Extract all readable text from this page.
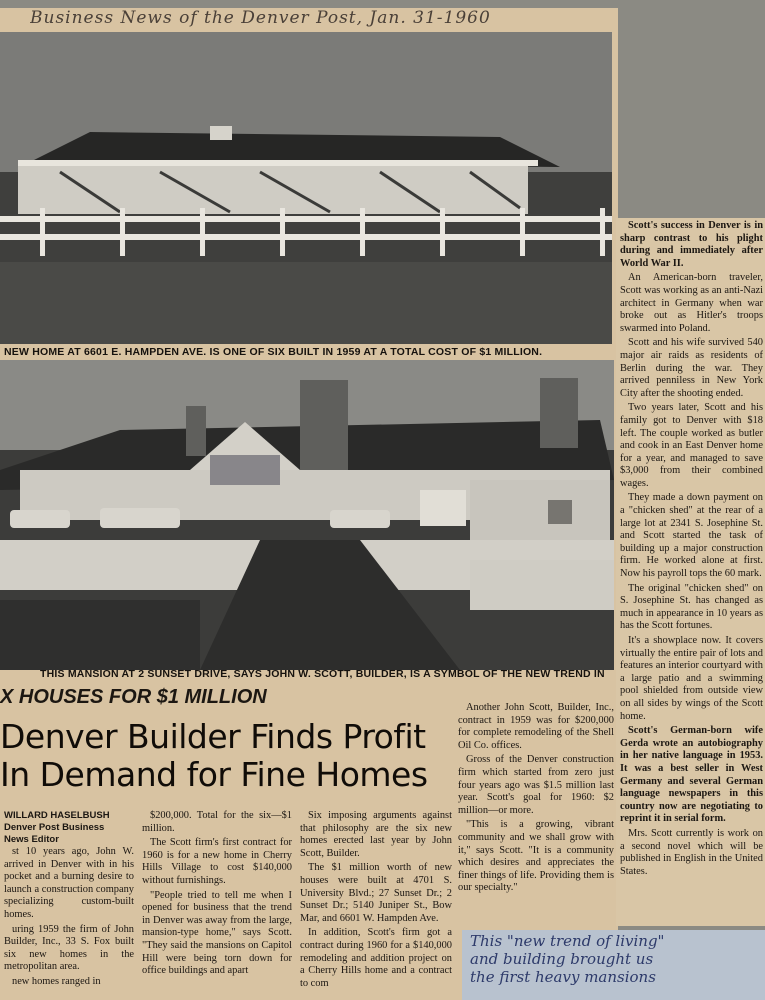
Business News of the Denver Post, Jan. 31-1960
NEW HOME AT 6601 E. HAMPDEN AVE. IS ONE OF SIX BUILT IN 1959 AT A TOTAL COST OF $1 MILLION.
THIS MANSION AT 2 SUNSET DRIVE, SAYS JOHN W. SCOTT, BUILDER, IS A SYMBOL OF THE NEW TREND IN
X HOUSES FOR $1 MILLION
Denver Builder Finds Profit
In Demand for Fine Homes
WILLARD HASELBUSH
Denver Post Business
News Editor

st 10 years ago, John W. arrived in Denver with in his pocket and a burning desire to launch a construction company specializing custom-built homes.

uring 1959 the firm of John Builder, Inc., 33 S. Fox built six new homes in the metropolitan area.

new homes ranged in

$200,000. Total for the six—$1 million.

The Scott firm's first contract for 1960 is for a new home in Cherry Hills Village to cost $140,000 without furnishings.

"People tried to tell me when I opened for business that the trend in Denver was away from the large, mansion-type home," says Scott. "They said the mansions on Capitol Hill were being torn down for office buildings and apart

Six imposing arguments against that philosophy are the six new homes erected last year by John Scott, Builder.

The $1 million worth of new houses were built at 4701 S. University Blvd.; 27 Sunset Dr.; 2 Sunset Dr.; 5140 Juniper St., Bow Mar, and 6601 W. Hampden Ave.

In addition, Scott's firm got a contract during 1960 for a $140,000 remodeling and addition project on a Cherry Hills home and a contract to com

Another John Scott, Builder, Inc., contract in 1959 was for $200,000 for complete remodeling of the Shell Oil Co. offices.

Gross of the Denver construction firm which started from zero just four years ago was $1.5 million last year. Scott's goal for 1960: $2 million—or more.

"This is a growing, vibrant community and we shall grow with it," says Scott. "It is a community which desires and appreciates the finer things of life. Providing them is our specialty."

Scott's success in Denver is in sharp contrast to his plight during and immediately after World War II.

An American-born traveler, Scott was working as an anti-Nazi architect in Germany when war broke out as Hitler's troops swarmed into Poland.

Scott and his wife survived 540 major air raids as residents of Berlin during the war. They arrived penniless in New York City after the shooting ended.

Two years later, Scott and his family got to Denver with $18 left. The couple worked as butler and cook in an East Denver home for a year, and managed to save $3,000 from their combined wages.

They made a down payment on a "chicken shed" at the rear of a large lot at 2341 S. Josephine St. and Scott started the task of building up a major construction firm. He worked alone at first. Now his payroll tops the 60 mark.

The original "chicken shed" on S. Josephine St. has changed as much in appearance in 10 years as has the Scott fortunes.

It's a showplace now. It covers virtually the entire pair of lots and features an interior courtyard with a large patio and a swimming pool shielded from outside view on all sides by wings of the Scott home.

Scott's German-born wife Gerda wrote an autobiography in her native language in 1953. It was a best seller in West Germany and several German language newspapers in this country now are negotiating to reprint it in serial form.

Mrs. Scott currently is work on a second novel which will be published in English in the United States.

This "new trend of living"
and building brought us
the first heavy mansions
